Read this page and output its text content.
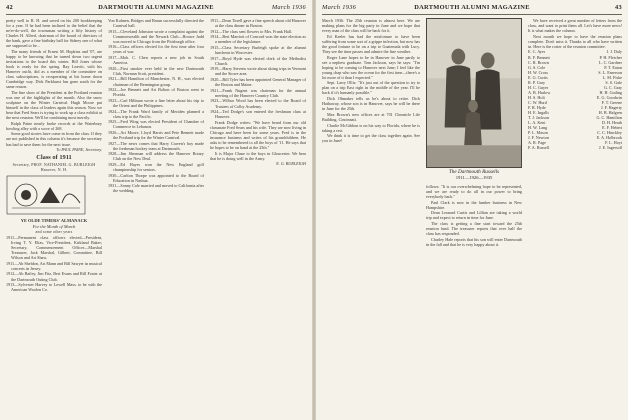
42	DARTMOUTH ALUMNI MAGAZINE	March 1936

pretty well to R. H. and saved on his 200 bookkeeping for a year. If he had been inclined to the belief that the ne'er-do-well, the townsman writing a fifty history of Charles H. Allred, chairman of the board of directors of the bank, gave a fine birthday ball for Sidney one of what are supposed to be...

The many friends of Ernest M. Hopkins and '07, are happy to be knowing that he turned down two urgent invitations to the board this winter. Bill Jones whose book is ready for the spring. Ray Leavitt, with his Hanover outfit, did as a member of the committee on class subscriptions, is recuperating at his home down Cambridge way. Dick Parkhurst has gone south for the same reason.

The fine show of the President at the Portland reunion was one of the highlights of the month. Also the snow sculpture on the Winter Carnival. Hugh Moore put himself in the class of leaders again this season. Now we hear that Fred Sears is trying to work up a class exhibit at the next reunion. We'll be combining most merrily.

Ralph Paine nearly broke records at the Waterbury bowling alley with a score of 268.

Some good stories have come in from the class. If they are not published in this column it's because the secretary has had to save them for the next issue.

To PAUL PAINE, Secretary.

Class of 1911
Secretary, PROF. NATHANIEL G. BURLEIGH
Hanover, N. H.
YE OLDE TIMERS' ALMANACK
For the Month of March
and some other years

1911—Permanent class officers elected—President, Irving T. Y. Elias, Vice-President, Kirkland Baker; Secretary, Commencement Officer—Marshal Treasurer, Jack Marshal, Gilbert, Committee, Bill Wilson and Art Shaw.

1911—Ab Sheldon, Art Mann and Bill Sawyer in musical concerts in Jersey.

1912—Ab Bailey, Jim Fitz, Bert Evans and Rill Foster at the Dartmouth Outing Club.

1913—Sylvester Harvey to Lowell Mass. to be with the American Woolen Co.

Von Kuhnen, Bridges and Braun successfully directed the Carnival ball.

1915—Cleveland Johnston wrote a complaint against the Commonwealth and the Newark Club—Horace Judd was moved to Chicago from the Pittsburgh office.

1916—Class officers elected for the first time after four years of war.

1917—Moh. C. Chen reports a new job in South America.

1920—First smoker ever held in the new Dartmouth Club, Norman Scott, president.

1921—Bill Hamilton of Manchester, N. H., was elected chairman of the Bennington group.

1922—Joe Bennett and Art Bolton of Boston went to Florida.

1923—Carl Hillman wrote a fine letter about his trip to the Orient and the Philippines.

1924—The Frank Ward family of Meriden planned a class trip to the Pacific.

1925—Fred Wing was elected President of Chamber of Commerce in Lebanon.

1926—Art Moore, Lloyd Harris and Pete Bennett made the Portland trip for the Winter Carnival.

1927—The news comes that Harry Craven's boy made the freshman hockey team at Dartmouth.

1928—Jim Sherman will address the Hanover Rotary Club on the New Deal.

1929—Ed Hayes won the New England golf championship for seniors.

1930—Carlton Thorpe was appointed to the Board of Education in Nashua.

1931—Sonny Cole married and moved to California after the wedding.

1911—Dean Tirrell gave a fine speech about old Hanover at the class dinner in Boston.

1912—The class sent flowers to Mrs. Frank Hall.

1914—Bert Marriott of Concord won the state election as a member of the legislature.

1915—Class Secretary Burleigh spoke at the alumni luncheon in Worcester.

1917—Boyd Hyde was elected clerk of the Methodist Church.

1919—Harry Stevens wrote about skiing trips in Vermont and the Stowe area.

1920—Bill Tyler has been appointed General Manager of the Boston and Maine.

1921—Frank Nugent was chairman for the annual meeting of the Hanover Country Club.

1923—Wilbur Wood has been elected to the Board of Trustees of Colby Academy.

1924—Ted Dodge's son entered the freshman class at Hanover.

Frank Dodge writes: "We have heard from our old classmate Fred Sears and his wife. They are now living in Chicago and have been for some years. Fred is in the insurance business and writes of his grandchildren. He asks to be remembered to all the boys of '11. He says that he hopes to be on hand at the 25th."

It is Major Chase to the boys in Gloucester. We hear that he is doing well in the Army.

N. G. BURLEIGH

March 1936	DARTMOUTH ALUMNI MAGAZINE	43

March 1936. The 25th reunion is almost here. We are making plans for the big party in June and we hope that every man of the class will be back for it.

Ed Keeler has had the misfortune to have been suffering from some sort of a grippe infection, but now has the good fortune to be on a trip to Guatemala with Lucy. They see the time passes and admire the fine weather.

Roger Lane hopes to be in Hanover in June partly to see a nephew graduate. Tom Jackson, says he says: "I'm hoping to be coming to Hanover next June; I feel like the young chap who saw the ocean for the first time—there's a lot more of it than I expected."

Sept. Larry Ollis: "It's just out of the question to try to plan on a trip East right in the middle of the year. I'll be back if it's humanly possible."

Dick Ohmaker tells us he's about to retire. Dick Hathaway, whose son is in Hanover, says he will be there in June for the 25th.

Max Brown's new offices are at 701 Chronicle Life Building, Cincinnati.

Charlie McGibbon is on his way to Florida, where he is taking a rest.

We think it is time to get the class together again. See you in June!

The Dartmouth Russells
1911—1926—1935

follows: "It is our overwhelming hope to be represented, and we are ready to do all in our power to bring everybody back."

Paul Clark is now in the lumber business in New Hampshire.

Dean Leonard Curtis and Lillian are taking a world trip and expect to return in time for June.

The class is getting a fine start toward the 25th reunion fund. The treasurer reports that over half the class has responded.

Charley Hale reports that his son will enter Dartmouth in the fall and that he is very happy about it.

We have received a great number of letters from the class, and want to print them all. Let's have more news! It is what makes the column.

Next month we hope to have the reunion plans complete. Don't miss it. Thanks to all who have written in. Here is the roster of the reunion committee:

E. C. Ayer	J. J. Daly
R. F. Bennett	P. H. Fletcher
C. R. Brown	L. C. Gardner
G. S. Cole	P. T. Eaton
H. W. Cross	S. L. Emerson
E. G. Curtis	L. M. Fiske
R. P. Gray	S. S. Gale
H. C. Guyer	G. C. Gray
A. B. Harlow	H. H. Goding
H. S. Holt	E. G. Goodwin
C. W. Hurd	F. T. Greene
F. R. Hyde	J. F. Hagerty
H. E. Ingalls	H. B. Halgren
T. J. Jackson	G. C. Hamilton
L. A. Kent	D. H. Heath
H. W. Lang	E. F. Hebert
P. L. Mason	C. C. Hinckley
J. F. Newton	E. A. Holbrook
A. R. Page	F. L. Hoyt
F. A. Russell	J. E. Ingersoll
